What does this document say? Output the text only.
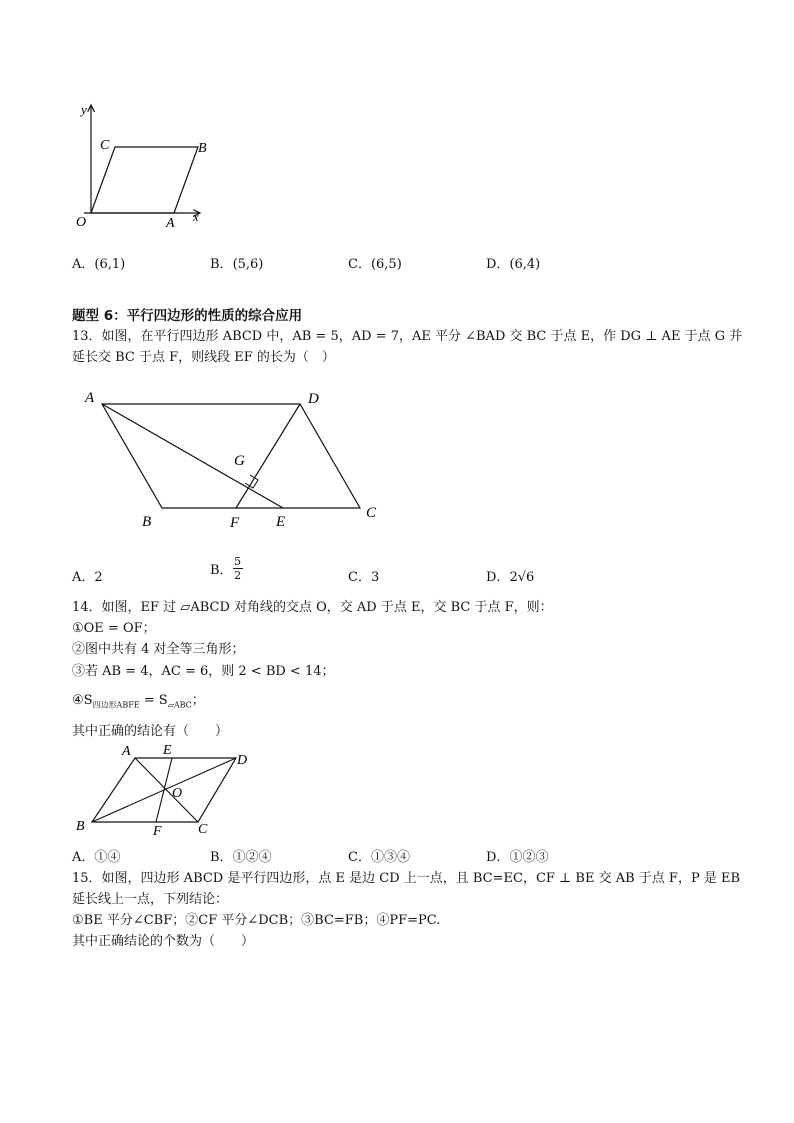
y
x
O	A
B
C
A．(6,1)	B．(5,6)	C．(6,5)	D．(6,4)
题型 6：平行四边形的性质的综合应用
13．如图，在平行四边形 ABCD 中，AB = 5，AD = 7，AE 平分 ∠BAD 交 BC 于点 E，作 DG ⊥ AE 于点 G 并
延长交 BC 于点 F，则线段 EF 的长为（　）
A	D
G
B	F E
C
A．2	B． $\frac{5}{2}$	C．3	D．2√6
14．如图，EF 过 ▱ABCD 对角线的交点 O，交 AD 于点 E，交 BC 于点 F，则：
①OE = OF；
②图中共有 4 对全等三角形；
③若 AB = 4，AC = 6，则 2 < BD < 14；
$④S_{四边形ABFE} = S_{▱ABC}$；
其中正确的结论有（　　）
A E
D
O
B	F	C
A．①④	B．①②④	C．①③④	D．①②③
15．如图，四边形 ABCD 是平行四边形，点 E 是边 CD 上一点，且 BC=EC，CF ⊥ BE 交 AB 于点 F，P 是 EB
延长线上一点，下列结论：
①BE 平分∠CBF；②CF 平分∠DCB；③BC=FB；④PF=PC.
其中正确结论的个数为（　　）
